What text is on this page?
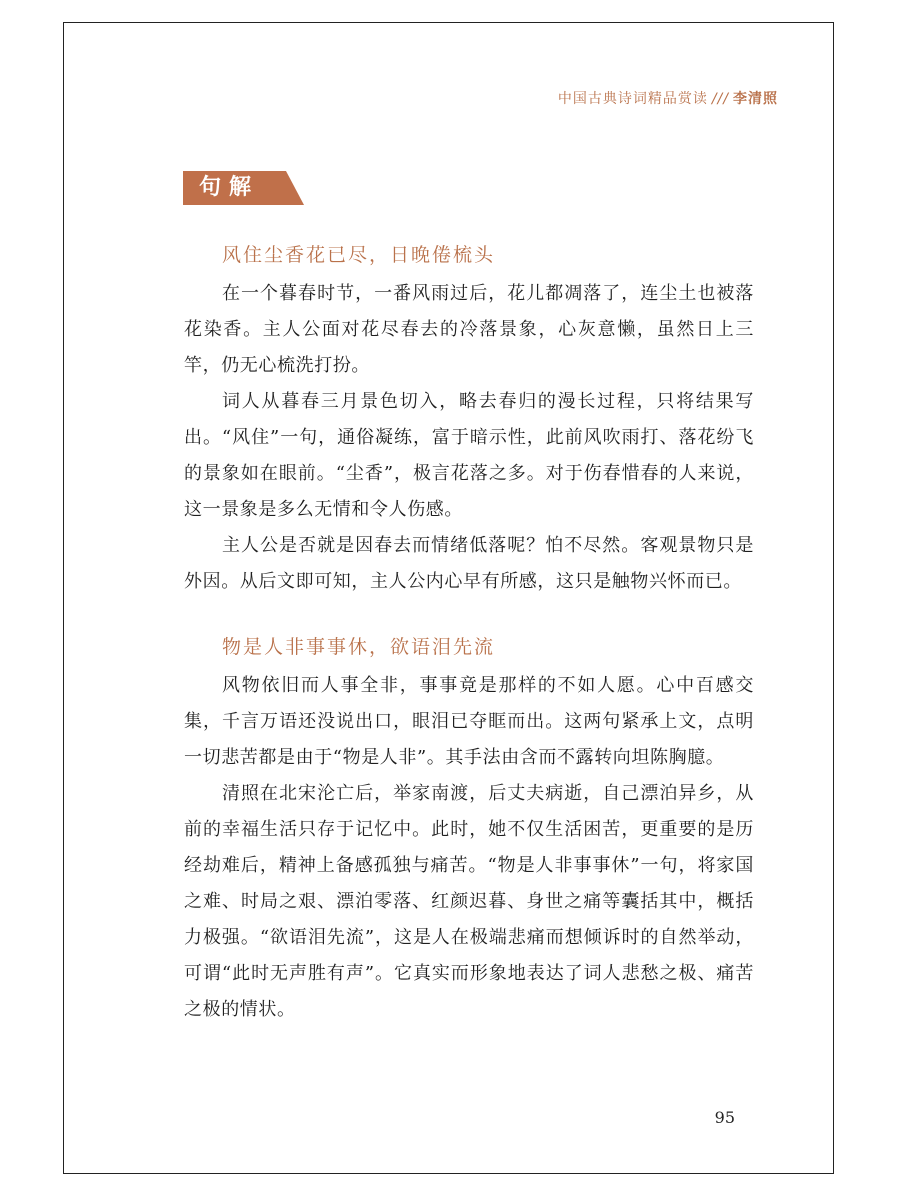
中国古典诗词精品赏读 /// 李清照
句解
风住尘香花已尽，日晚倦梳头

在一个暮春时节，一番风雨过后，花儿都凋落了，连尘土也被落花染香。主人公面对花尽春去的冷落景象，心灰意懒，虽然日上三竿，仍无心梳洗打扮。

词人从暮春三月景色切入，略去春归的漫长过程，只将结果写出。“风住”一句，通俗凝练，富于暗示性，此前风吹雨打、落花纷飞的景象如在眼前。“尘香”，极言花落之多。对于伤春惜春的人来说，这一景象是多么无情和令人伤感。

主人公是否就是因春去而情绪低落呢？怕不尽然。客观景物只是外因。从后文即可知，主人公内心早有所感，这只是触物兴怀而已。

物是人非事事休，欲语泪先流

风物依旧而人事全非，事事竟是那样的不如人愿。心中百感交集，千言万语还没说出口，眼泪已夺眶而出。这两句紧承上文，点明一切悲苦都是由于“物是人非”。其手法由含而不露转向坦陈胸臆。

清照在北宋沦亡后，举家南渡，后丈夫病逝，自己漂泊异乡，从前的幸福生活只存于记忆中。此时，她不仅生活困苦，更重要的是历经劫难后，精神上备感孤独与痛苦。“物是人非事事休”一句，将家国之难、时局之艰、漂泊零落、红颜迟暮、身世之痛等囊括其中，概括力极强。“欲语泪先流”，这是人在极端悲痛而想倾诉时的自然举动，可谓“此时无声胜有声”。它真实而形象地表达了词人悲愁之极、痛苦之极的情状。

95
